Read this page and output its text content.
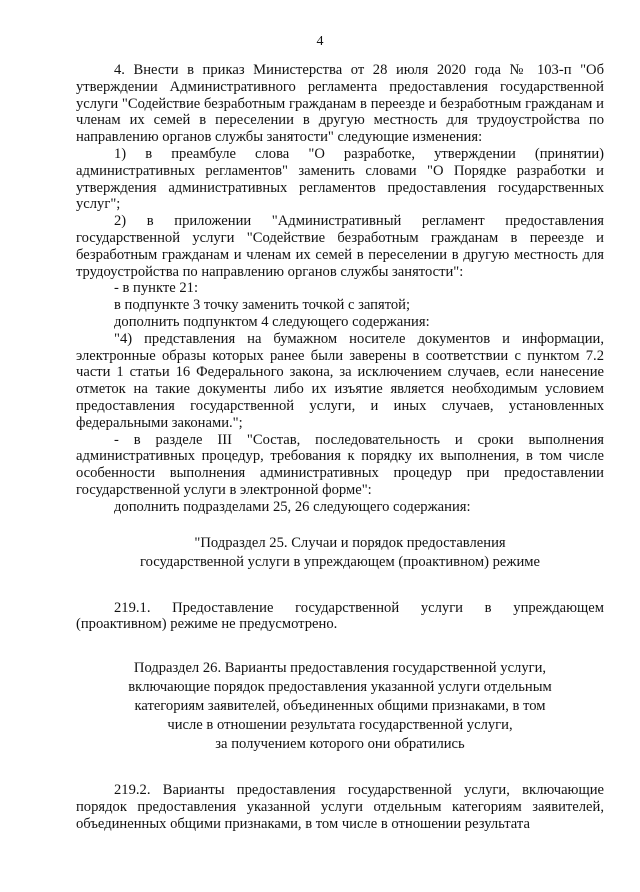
4

4. Внести в приказ Министерства от 28 июля 2020 года № 103-п "Об утверждении Административного регламента предоставления государственной услуги "Содействие безработным гражданам в переезде и безработным гражданам и членам их семей в переселении в другую местность для трудоустройства по направлению органов службы занятости" следующие изменения:

1) в преамбуле слова "О разработке, утверждении (принятии) административных регламентов" заменить словами "О Порядке разработки и утверждения административных регламентов предоставления государственных услуг";

2) в приложении "Административный регламент предоставления государственной услуги "Содействие безработным гражданам в переезде и безработным гражданам и членам их семей в переселении в другую местность для трудоустройства по направлению органов службы занятости":

- в пункте 21:

в подпункте 3 точку заменить точкой с запятой;

дополнить подпунктом 4 следующего содержания:

"4) представления на бумажном носителе документов и информации, электронные образы которых ранее были заверены в соответствии с пунктом 7.2 части 1 статьи 16 Федерального закона, за исключением случаев, если нанесение отметок на такие документы либо их изъятие является необходимым условием предоставления государственной услуги, и иных случаев, установленных федеральными законами.";

- в разделе III "Состав, последовательность и сроки выполнения административных процедур, требования к порядку их выполнения, в том числе особенности выполнения административных процедур при предоставлении государственной услуги в электронной форме":

дополнить подразделами 25, 26 следующего содержания:

"Подраздел 25. Случаи и порядок предоставления

государственной услуги в упреждающем (проактивном) режиме

219.1. Предоставление государственной услуги в упреждающем (проактивном) режиме не предусмотрено.

Подраздел 26. Варианты предоставления государственной услуги,
включающие порядок предоставления указанной услуги отдельным
категориям заявителей, объединенных общими признаками, в том
числе в отношении результата государственной услуги,
за получением которого они обратились

219.2. Варианты предоставления государственной услуги, включающие порядок предоставления указанной услуги отдельным категориям заявителей, объединенных общими признаками, в том числе в отношении результата
